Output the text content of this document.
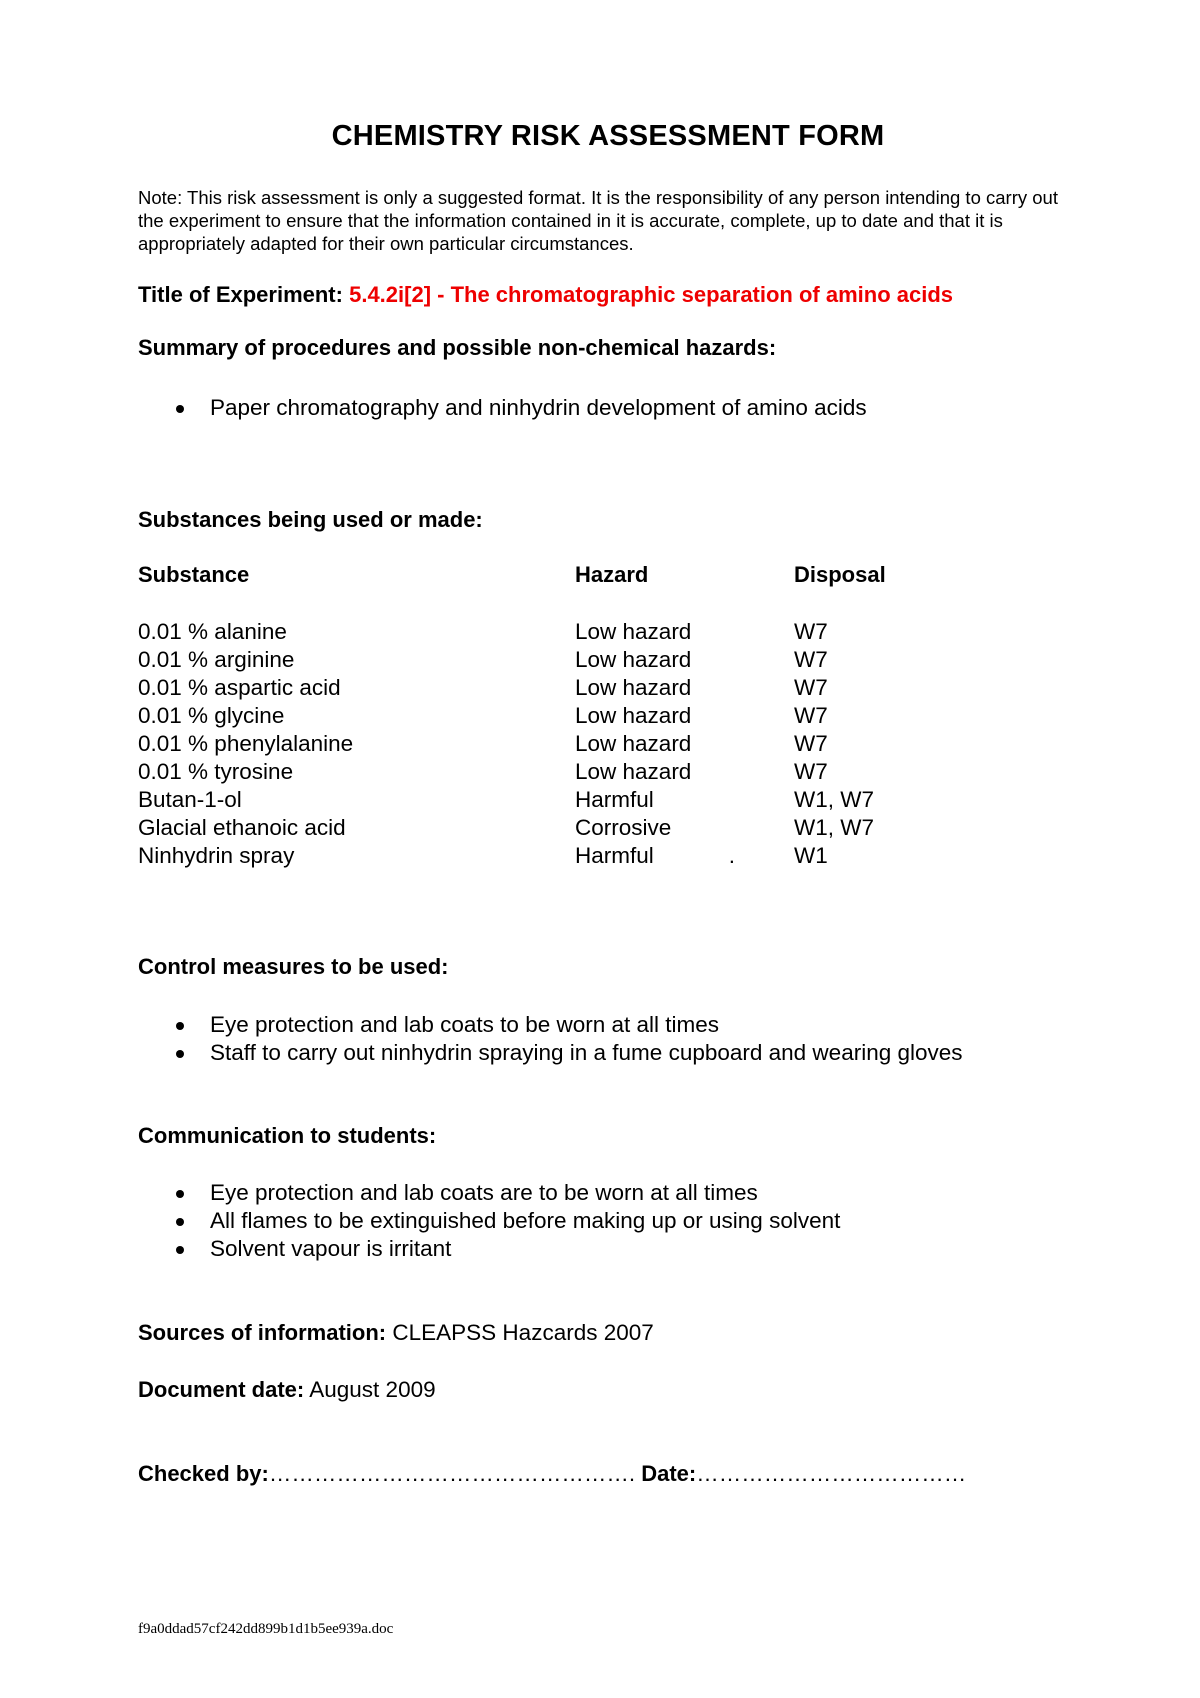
CHEMISTRY RISK ASSESSMENT FORM

Note: This risk assessment is only a suggested format. It is the responsibility of any person intending to carry out the experiment to ensure that the information contained in it is accurate, complete, up to date and that it is appropriately adapted for their own particular circumstances.

Title of Experiment: 5.4.2i[2] - The chromatographic separation of amino acids
Summary of procedures and possible non-chemical hazards:
Paper chromatography and ninhydrin development of amino acids
Substances being used or made:
Substance	Hazard	Disposal
0.01 % alanine	Low hazard	W7
0.01 % arginine	Low hazard	W7
0.01 % aspartic acid	Low hazard	W7
0.01 % glycine	Low hazard	W7
0.01 % phenylalanine	Low hazard	W7
0.01 % tyrosine	Low hazard	W7
Butan-1-ol	Harmful	W1, W7
Glacial ethanoic acid	Corrosive	W1, W7
Ninhydrin spray	Harmful            .	W1
Control measures to be used:
Eye protection and lab coats to be worn at all times
Staff to carry out ninhydrin spraying in a fume cupboard and wearing gloves
Communication to students:
Eye protection and lab coats are to be worn at all times
All flames to be extinguished before making up or using solvent
Solvent vapour is irritant
Sources of information: CLEAPSS Hazcards 2007
Document date: August 2009
Checked by:…………………………………………. Date:………………………………
f9a0ddad57cf242dd899b1d1b5ee939a.doc
